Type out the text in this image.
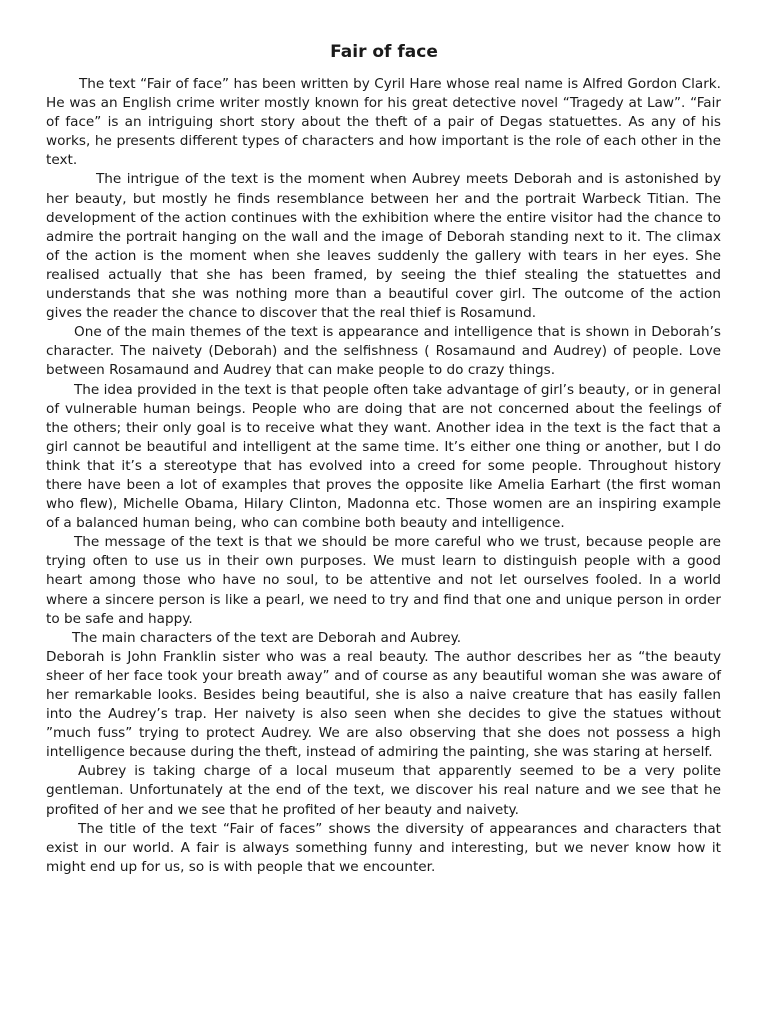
Fair of face

The text “Fair of face” has been written by Cyril Hare whose real name is Alfred Gordon Clark. He was an English crime writer mostly known for his great detective novel “Tragedy at Law”. “Fair of face” is an intriguing short story about the theft of a pair of Degas statuettes. As any of his works, he presents different types of characters and how important is the role of each other in the text.

The intrigue of the text is the moment when Aubrey meets Deborah and is astonished by her beauty, but mostly he finds resemblance between her and the portrait Warbeck Titian. The development of the action continues with the exhibition where the entire visitor had the chance to admire the portrait hanging on the wall and the image of Deborah standing next to it. The climax of the action is the moment when she leaves suddenly the gallery with tears in her eyes. She realised actually that she has been framed, by seeing the thief stealing the statuettes and understands that she was nothing more than a beautiful cover girl. The outcome of the action gives the reader the chance to discover that the real thief is Rosamund.

One of the main themes of the text is appearance and intelligence that is shown in Deborah’s character. The naivety (Deborah) and the selfishness ( Rosamaund and Audrey) of people. Love between Rosamaund and Audrey that can make people to do crazy things.

The idea provided in the text is that people often take advantage of girl’s beauty, or in general of vulnerable human beings. People who are doing that are not concerned about the feelings of the others; their only goal is to receive what they want. Another idea in the text is the fact that a girl cannot be beautiful and intelligent at the same time. It’s either one thing or another, but I do think that it’s a stereotype that has evolved into a creed for some people. Throughout history there have been a lot of examples that proves the opposite like Amelia Earhart (the first woman who flew), Michelle Obama, Hilary Clinton, Madonna etc. Those women are an inspiring example of a balanced human being, who can combine both beauty and intelligence.

The message of the text is that we should be more careful who we trust, because people are trying often to use us in their own purposes. We must learn to distinguish people with a good heart among those who have no soul, to be attentive and not let ourselves fooled. In a world where a sincere person is like a pearl, we need to try and find that one and unique person in order to be safe and happy.

The main characters of the text are Deborah and Aubrey.

Deborah is John Franklin sister who was a real beauty. The author describes her as “the beauty sheer of her face took your breath away” and of course as any beautiful woman she was aware of her remarkable looks. Besides being beautiful, she is also a naive creature that has easily fallen into the Audrey’s trap. Her naivety is also seen when she decides to give the statues without ”much fuss” trying to protect Audrey. We are also observing that she does not possess a high intelligence because during the theft, instead of admiring the painting, she was staring at herself.

Aubrey is taking charge of a local museum that apparently seemed to be a very polite gentleman. Unfortunately at the end of the text, we discover his real nature and we see that he profited of her and we see that he profited of her beauty and naivety.

The title of the text “Fair of faces” shows the diversity of appearances and characters that exist in our world. A fair is always something funny and interesting, but we never know how it might end up for us, so is with people that we encounter.
